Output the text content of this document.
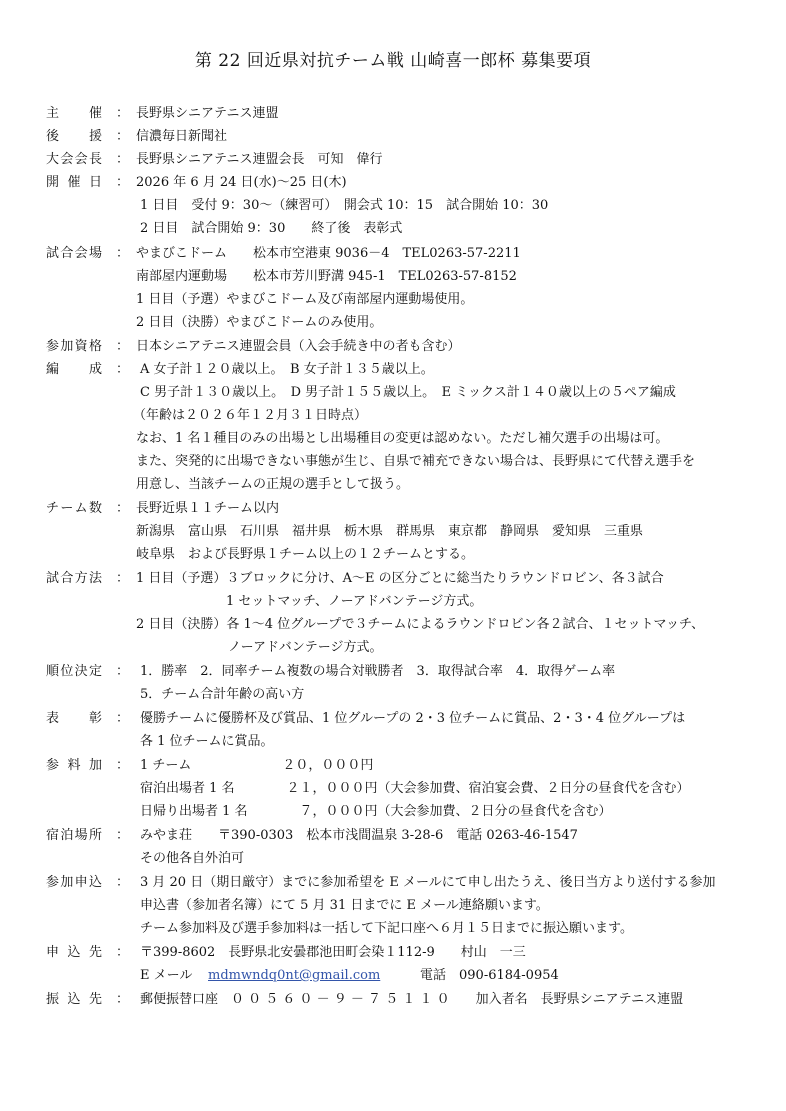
第 22 回近県対抗チーム戦 山崎喜一郎杯 募集要項
主　　催 ： 長野県シニアテニス連盟
後　　援 ： 信濃毎日新聞社
大会会長 ： 長野県シニアテニス連盟会長　可知　偉行
開 催 日 ： 2026 年 6 月 24 日(水)～25 日(木)
1 日目　受付 9：30～（練習可）　開会式 10：15　試合開始 10：30
2 日目　試合開始 9：30　　終了後　表彰式
試合会場 ： やまびこドーム　　松本市空港東 9036－4　TEL0263-57-2211
南部屋内運動場　　松本市芳川野溝 945-1　TEL0263-57-8152
1 日目（予選）やまびこドーム及び南部屋内運動場使用。
2 日目（決勝）やまびこドームのみ使用。
参加資格 ： 日本シニアテニス連盟会員（入会手続き中の者も含む）
編　　成 ： A 女子計１２０歳以上。　B 女子計１３５歳以上。
C 男子計１３０歳以上。　D 男子計１５５歳以上。　E ミックス計１４０歳以上の５ペア編成
（年齢は２０２６年１２月３１日時点）
なお、1 名１種目のみの出場とし出場種目の変更は認めない。ただし補欠選手の出場は可。
また、突発的に出場できない事態が生じ、自県で補充できない場合は、長野県にて代替え選手を
用意し、当該チームの正規の選手として扱う。
チーム数 ： 長野近県１１チーム以内
新潟県　富山県　石川県　福井県　栃木県　群馬県　東京都　静岡県　愛知県　三重県
岐阜県　および長野県１チーム以上の１２チームとする。
試合方法 ： 1 日目（予選）３ブロックに分け、A～E の区分ごとに総当たりラウンドロビン、各３試合
1 セットマッチ、ノーアドバンテージ方式。
2 日目（決勝）各 1～4 位グループで３チームによるラウンドロビン各２試合、１セットマッチ、
ノーアドバンテージ方式。
順位決定 ： 1．勝率　2．同率チーム複数の場合対戦勝者　3．取得試合率　4．取得ゲーム率
5．チーム合計年齢の高い方
表　　彰 ： 優勝チームに優勝杯及び賞品、1 位グループの 2・3 位チームに賞品、2・3・4 位グループは
各 1 位チームに賞品。
参 料 加 ： 1 チーム　　　　　　　２０，０００円
宿泊出場者 1 名　　　　２１，０００円（大会参加費、宿泊宴会費、２日分の昼食代を含む）
日帰り出場者 1 名　　　　７，０００円（大会参加費、２日分の昼食代を含む）
宿泊場所 ： みやま荘　　〒390-0303　松本市浅間温泉 3-28-6　電話 0263-46-1547
その他各自外泊可
参加申込 ： 3 月 20 日（期日厳守）までに参加希望を E メールにて申し出たうえ、後日当方より送付する参加
申込書（参加者名簿）にて 5 月 31 日までに E メール連絡願います。
チーム参加料及び選手参加料は一括して下記口座へ６月１５日までに振込願います。
申 込 先 ： 〒399-8602　長野県北安曇郡池田町会染１112-9　　村山　一三
E メール mdmwndq0nt@gmail.com	電話　090-6184-0954
振 込 先 ： 郵便振替口座　０ ０ ５ ６ ０ － ９ － ７ ５ １ １ ０　　加入者名　長野県シニアテニス連盟
